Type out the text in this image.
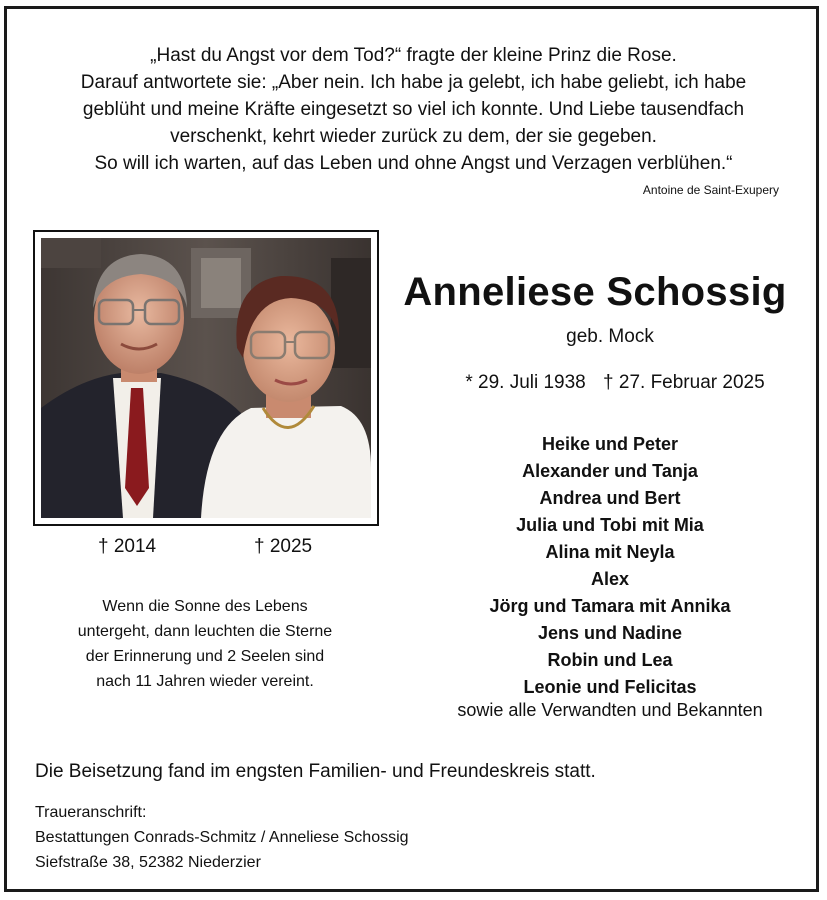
„Hast du Angst vor dem Tod?“ fragte der kleine Prinz die Rose.
Darauf antwortete sie: „Aber nein. Ich habe ja gelebt, ich habe geliebt, ich habe
geblüht und meine Kräfte eingesetzt so viel ich konnte. Und Liebe tausendfach
verschenkt, kehrt wieder zurück zu dem, der sie gegeben.
So will ich warten, auf das Leben und ohne Angst und Verzagen verblühen.“
Antoine de Saint-Exupery
† 2014	† 2025
Wenn die Sonne des Lebens
untergeht, dann leuchten die Sterne
der Erinnerung und 2 Seelen sind
nach 11 Jahren wieder vereint.
Anneliese Schossig
geb. Mock
* 29. Juli 1938 † 27. Februar 2025
Heike und Peter
Alexander und Tanja
Andrea und Bert
Julia und Tobi mit Mia
Alina mit Neyla
Alex
Jörg und Tamara mit Annika
Jens und Nadine
Robin und Lea
Leonie und Felicitas
sowie alle Verwandten und Bekannten
Die Beisetzung fand im engsten Familien- und Freundeskreis statt.
Traueranschrift:
Bestattungen Conrads-Schmitz / Anneliese Schossig
Siefstraße 38, 52382 Niederzier
